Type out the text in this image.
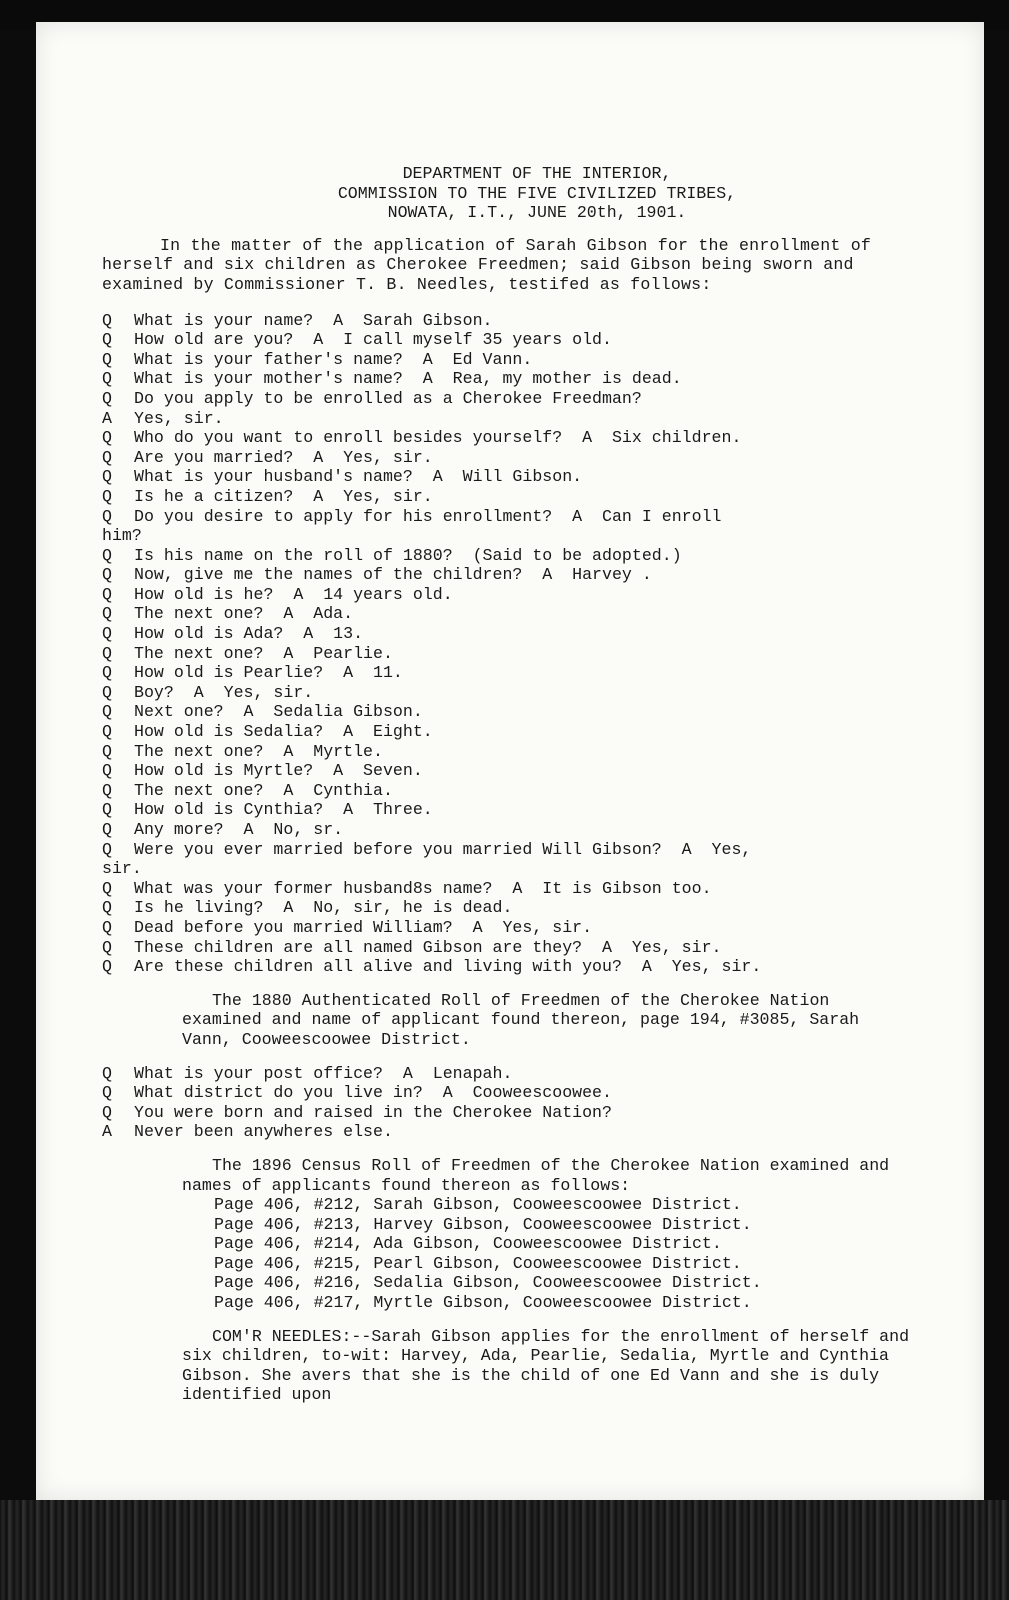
DEPARTMENT OF THE INTERIOR,
COMMISSION TO THE FIVE CIVILIZED TRIBES,
NOWATA, I.T., JUNE 20th, 1901.

In the matter of the application of Sarah Gibson for the enrollment of herself and six children as Cherokee Freedmen; said Gibson being sworn and examined by Commissioner T. B. Needles, testifed as follows:

Q	What is your name?  A  Sarah Gibson.
Q	How old are you?  A  I call myself 35 years old.
Q	What is your father's name?  A  Ed Vann.
Q	What is your mother's name?  A  Rea, my mother is dead.
Q	Do you apply to be enrolled as a Cherokee Freedman?
A	Yes, sir.
Q	Who do you want to enroll besides yourself?  A  Six children.
Q	Are you married?  A  Yes, sir.
Q	What is your husband's name?  A  Will Gibson.
Q	Is he a citizen?  A  Yes, sir.
Q	Do you desire to apply for his enrollment?  A  Can I enroll
him?
Q	Is his name on the roll of 1880?  (Said to be adopted.)
Q	Now, give me the names of the children?  A  Harvey .
Q	How old is he?  A  14 years old.
Q	The next one?  A  Ada.
Q	How old is Ada?  A  13.
Q	The next one?  A  Pearlie.
Q	How old is Pearlie?  A  11.
Q	Boy?  A  Yes, sir.
Q	Next one?  A  Sedalia Gibson.
Q	How old is Sedalia?  A  Eight.
Q	The next one?  A  Myrtle.
Q	How old is Myrtle?  A  Seven.
Q	The next one?  A  Cynthia.
Q	How old is Cynthia?  A  Three.
Q	Any more?  A  No, sr.
Q	Were you ever married before you married Will Gibson?  A  Yes,
sir.
Q	What was your former husband8s name?  A  It is Gibson too.
Q	Is he living?  A  No, sir, he is dead.
Q	Dead before you married William?  A  Yes, sir.
Q	These children are all named Gibson are they?  A  Yes, sir.
Q	Are these children all alive and living with you?  A  Yes, sir.

The 1880 Authenticated Roll of Freedmen of the Cherokee Nation examined and name of applicant found thereon, page 194, #3085, Sarah Vann, Cooweescoowee District.

Q	What is your post office?  A  Lenapah.
Q	What district do you live in?  A  Cooweescoowee.
Q	You were born and raised in the Cherokee Nation?
A	Never been anywheres else.

The 1896 Census Roll of Freedmen of the Cherokee Nation examined and names of applicants found thereon as follows:

Page 406, #212, Sarah Gibson, Cooweescoowee District.
Page 406, #213, Harvey Gibson, Cooweescoowee District.
Page 406, #214, Ada Gibson, Cooweescoowee District.
Page 406, #215, Pearl Gibson, Cooweescoowee District.
Page 406, #216, Sedalia Gibson, Cooweescoowee District.
Page 406, #217, Myrtle Gibson, Cooweescoowee District.

COM'R NEEDLES:--Sarah Gibson applies for the enrollment of herself and six children, to-wit: Harvey, Ada, Pearlie, Sedalia, Myrtle and Cynthia Gibson. She avers that she is the child of one Ed Vann and she is duly identified upon
